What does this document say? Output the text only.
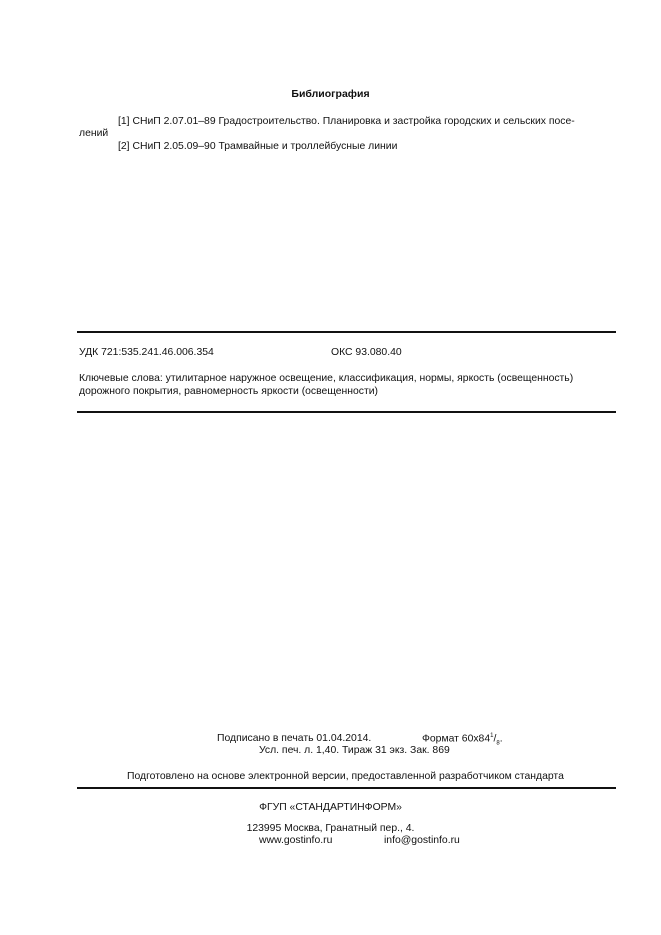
Библиография
[1] СНиП 2.07.01–89 Градостроительство. Планировка и застройка городских и сельских посе-
лений
[2] СНиП 2.05.09–90 Трамвайные и троллейбусные линии
УДК 721:535.241.46.006.354	ОКС 93.080.40
Ключевые слова: утилитарное наружное освещение, классификация, нормы, яркость (освещенность)
дорожного покрытия, равномерность яркости (освещенности)
Подписано в печать 01.04.2014.	Формат $60x84^1/_8$.
Усл. печ. л. 1,40. Тираж 31 экз. Зак. 869
Подготовлено на основе электронной версии, предоставленной разработчиком стандарта
ФГУП «СТАНДАРТИНФОРМ»
123995 Москва, Гранатный пер., 4.
www.gostinfo.ru	info@gostinfo.ru
